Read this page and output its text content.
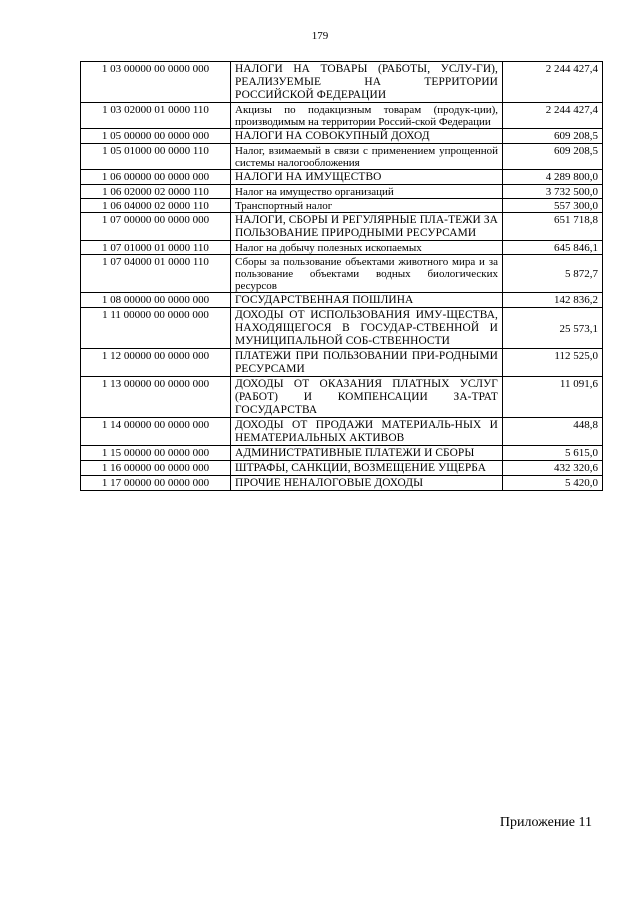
179
1 03 00000 00 0000 000	НАЛОГИ НА ТОВАРЫ (РАБОТЫ, УСЛУ-ГИ), РЕАЛИЗУЕМЫЕ НА ТЕРРИТОРИИ РОССИЙСКОЙ ФЕДЕРАЦИИ	2 244 427,4
1 03 02000 01 0000 110	Акцизы по подакцизным товарам (продук-ции), производимым на территории Россий-ской Федерации	2 244 427,4
1 05 00000 00 0000 000	НАЛОГИ НА СОВОКУПНЫЙ ДОХОД	609 208,5
1 05 01000 00 0000 110	Налог, взимаемый в связи с применением упрощенной системы налогообложения	609 208,5
1 06 00000 00 0000 000	НАЛОГИ НА ИМУЩЕСТВО	4 289 800,0
1 06 02000 02 0000 110	Налог на имущество организаций	3 732 500,0
1 06 04000 02 0000 110	Транспортный налог	557 300,0
1 07 00000 00 0000 000	НАЛОГИ, СБОРЫ И РЕГУЛЯРНЫЕ ПЛА-ТЕЖИ ЗА ПОЛЬЗОВАНИЕ ПРИРОДНЫМИ РЕСУРСАМИ	651 718,8
1 07 01000 01 0000 110	Налог на добычу полезных ископаемых	645 846,1
1 07 04000 01 0000 110	Сборы за пользование объектами животного мира и за пользование объектами водных биологических ресурсов	5 872,7
1 08 00000 00 0000 000	ГОСУДАРСТВЕННАЯ ПОШЛИНА	142 836,2
1 11 00000 00 0000 000	ДОХОДЫ ОТ ИСПОЛЬЗОВАНИЯ ИМУ-ЩЕСТВА, НАХОДЯЩЕГОСЯ В ГОСУДАР-СТВЕННОЙ И МУНИЦИПАЛЬНОЙ СОБ-СТВЕННОСТИ	25 573,1
1 12 00000 00 0000 000	ПЛАТЕЖИ ПРИ ПОЛЬЗОВАНИИ ПРИ-РОДНЫМИ РЕСУРСАМИ	112 525,0
1 13 00000 00 0000 000	ДОХОДЫ ОТ ОКАЗАНИЯ ПЛАТНЫХ УСЛУГ (РАБОТ) И КОМПЕНСАЦИИ ЗА-ТРАТ ГОСУДАРСТВА	11 091,6
1 14 00000 00 0000 000	ДОХОДЫ ОТ ПРОДАЖИ МАТЕРИАЛЬ-НЫХ И НЕМАТЕРИАЛЬНЫХ АКТИВОВ	448,8
1 15 00000 00 0000 000	АДМИНИСТРАТИВНЫЕ ПЛАТЕЖИ И СБОРЫ	5 615,0
1 16 00000 00 0000 000	ШТРАФЫ, САНКЦИИ, ВОЗМЕЩЕНИЕ УЩЕРБА	432 320,6
1 17 00000 00 0000 000	ПРОЧИЕ НЕНАЛОГОВЫЕ ДОХОДЫ	5 420,0
Приложение 11
